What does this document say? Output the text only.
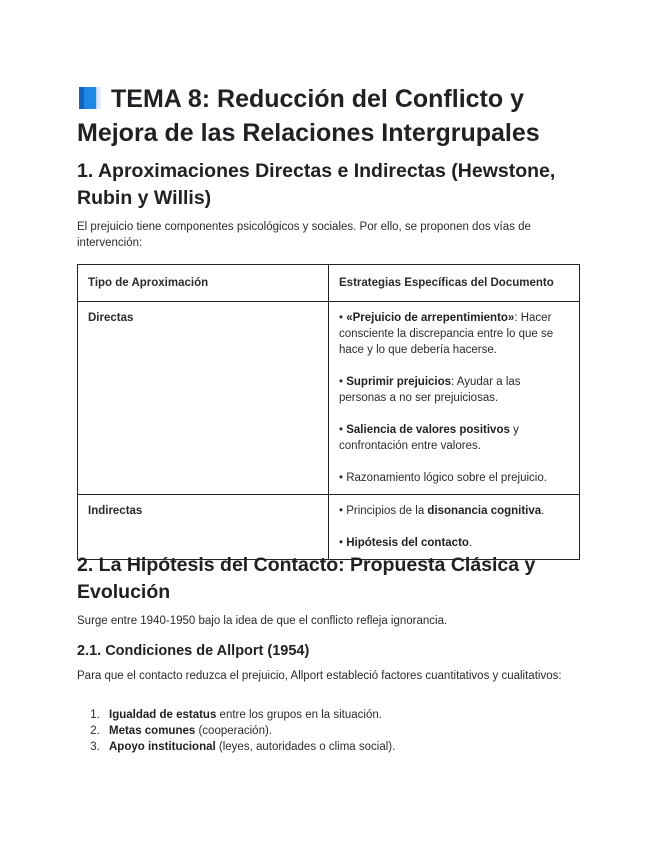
TEMA 8: Reducción del Conflicto y Mejora de las Relaciones Intergrupales
1. Aproximaciones Directas e Indirectas (Hewstone, Rubin y Willis)

El prejuicio tiene componentes psicológicos y sociales. Por ello, se proponen dos vías de intervención:

Tipo de Aproximación	Estrategias Específicas del Documento
Directas	• «Prejuicio de arrepentimiento»: Hacer consciente la discrepancia entre lo que se hace y lo que debería hacerse.
• Suprimir prejuicios: Ayudar a las personas a no ser prejuiciosas.
• Saliencia de valores positivos y confrontación entre valores.
• Razonamiento lógico sobre el prejuicio.

Indirectas	• Principios de la disonancia cognitiva.
• Hipótesis del contacto.
2. La Hipótesis del Contacto: Propuesta Clásica y Evolución

Surge entre 1940-1950 bajo la idea de que el conflicto refleja ignorancia.

2.1. Condiciones de Allport (1954)

Para que el contacto reduzca el prejuicio, Allport estableció factores cuantitativos y cualitativos:

1. Igualdad de estatus entre los grupos en la situación.
2. Metas comunes (cooperación).
3. Apoyo institucional (leyes, autoridades o clima social).
